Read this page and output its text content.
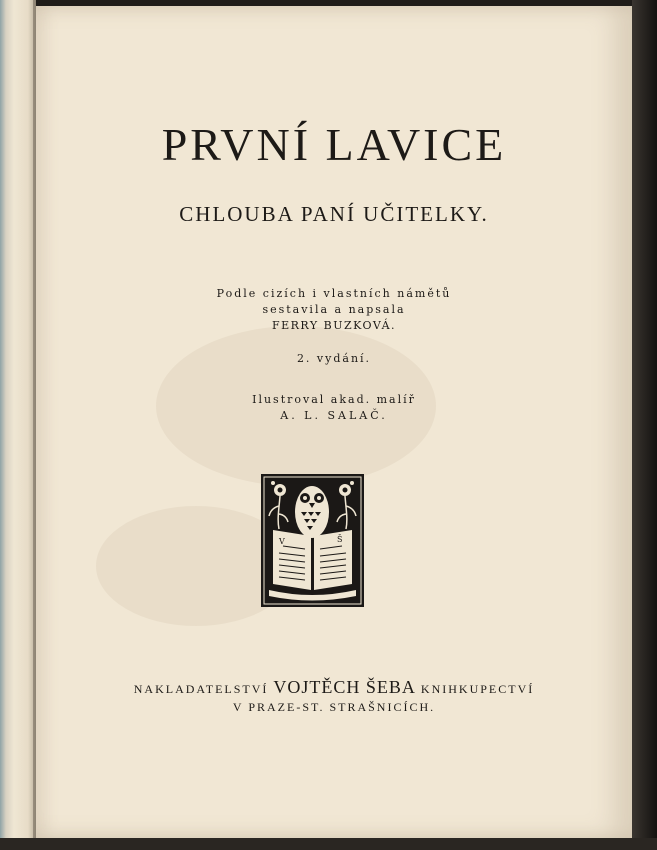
PRVNÍ LAVICE
CHLOUBA PANÍ UČITELKY.
Podle cizích i vlastních námětů
sestavila a napsala
FERRY BUZKOVÁ.
2. vydání.
Ilustroval akad. malíř
A. L. SALAČ.
V	Š
NAKLADATELSTVÍ VOJTĚCH ŠEBA KNIHKUPECTVÍ
V PRAZE-ST. STRAŠNICÍCH.
